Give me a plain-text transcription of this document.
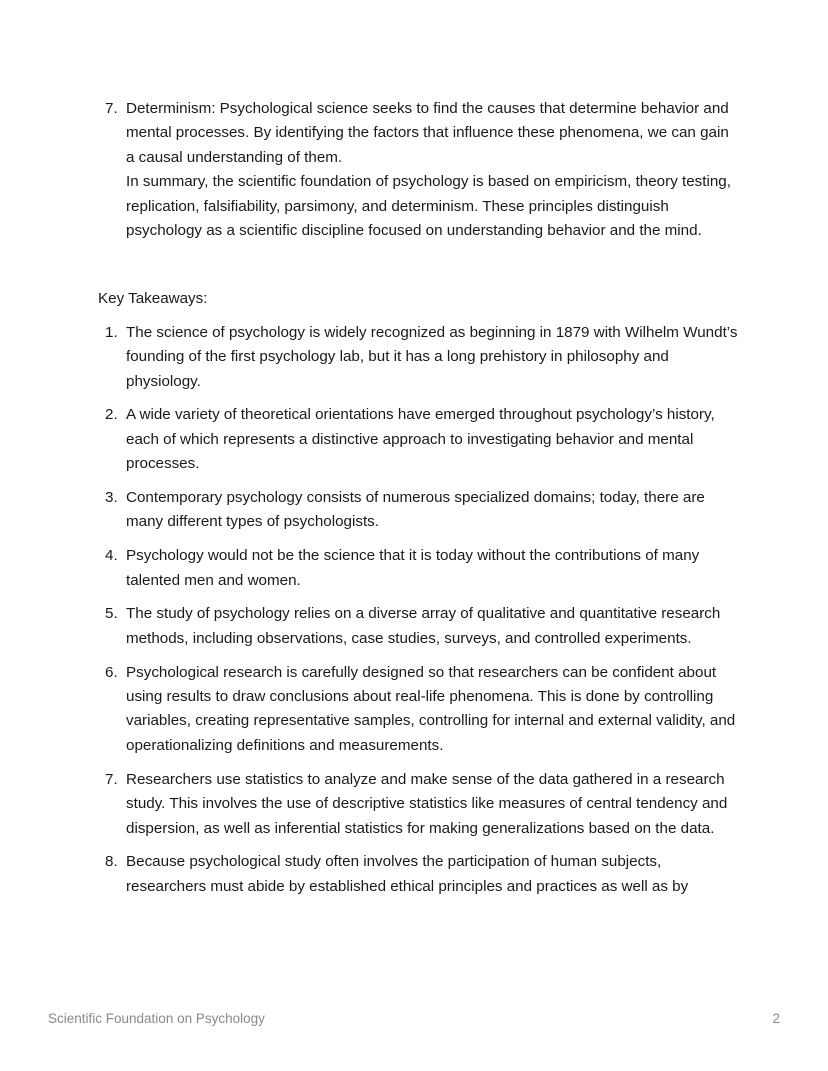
7. Determinism: Psychological science seeks to find the causes that determine behavior and mental processes. By identifying the factors that influence these phenomena, we can gain a causal understanding of them.
In summary, the scientific foundation of psychology is based on empiricism, theory testing, replication, falsifiability, parsimony, and determinism. These principles distinguish psychology as a scientific discipline focused on understanding behavior and the mind.
Key Takeaways:
1. The science of psychology is widely recognized as beginning in 1879 with Wilhelm Wundt’s founding of the first psychology lab, but it has a long prehistory in philosophy and physiology.
2. A wide variety of theoretical orientations have emerged throughout psychology’s history, each of which represents a distinctive approach to investigating behavior and mental processes.
3. Contemporary psychology consists of numerous specialized domains; today, there are many different types of psychologists.
4. Psychology would not be the science that it is today without the contributions of many talented men and women.
5. The study of psychology relies on a diverse array of qualitative and quantitative research methods, including observations, case studies, surveys, and controlled experiments.
6. Psychological research is carefully designed so that researchers can be confident about using results to draw conclusions about real-life phenomena. This is done by controlling variables, creating representative samples, controlling for internal and external validity, and operationalizing definitions and measurements.
7. Researchers use statistics to analyze and make sense of the data gathered in a research study. This involves the use of descriptive statistics like measures of central tendency and dispersion, as well as inferential statistics for making generalizations based on the data.
8. Because psychological study often involves the participation of human subjects, researchers must abide by established ethical principles and practices as well as by
Scientific Foundation on Psychology	2
